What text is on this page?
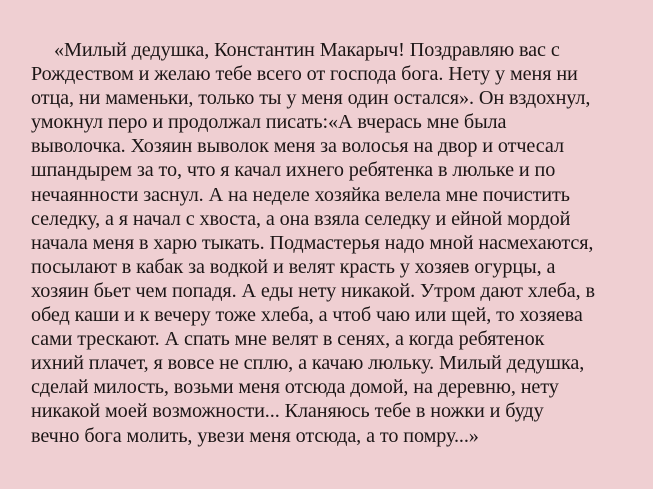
«Милый дедушка, Константин Макарыч! Поздравляю вас с
Рождеством и желаю тебе всего от господа бога. Нету у меня ни
отца, ни маменьки, только ты у меня один остался». Он вздохнул,
умокнул перо и продолжал писать:«А вчерась мне была
выволочка. Хозяин выволок меня за волосья на двор и отчесал
шпандырем за то, что я качал ихнего ребятенка в люльке и по
нечаянности заснул. А на неделе хозяйка велела мне почистить
селедку, а я начал с хвоста, а она взяла селедку и ейной мордой
начала меня в харю тыкать. Подмастерья надо мной насмехаются,
посылают в кабак за водкой и велят красть у хозяев огурцы, а
хозяин бьет чем попадя. А еды нету никакой. Утром дают хлеба, в
обед каши и к вечеру тоже хлеба, а чтоб чаю или щей, то хозяева
сами трескают. А спать мне велят в сенях, а когда ребятенок
ихний плачет, я вовсе не сплю, а качаю люльку. Милый дедушка,
сделай милость, возьми меня отсюда домой, на деревню, нету
никакой моей возможности... Кланяюсь тебе в ножки и буду
вечно бога молить, увези меня отсюда, а то помру...»
